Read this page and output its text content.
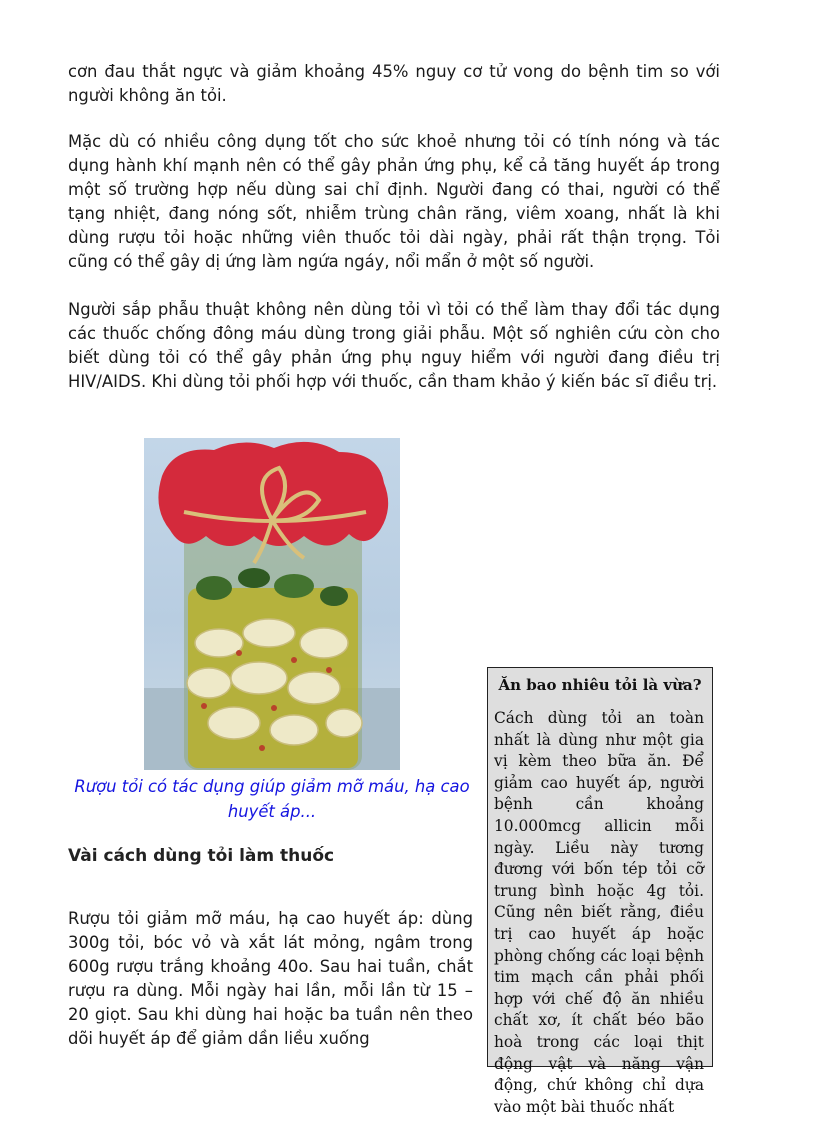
cơn đau thắt ngực và giảm khoảng 45% nguy cơ tử vong do bệnh tim so với người không ăn tỏi.

Mặc dù có nhiều công dụng tốt cho sức khoẻ nhưng tỏi có tính nóng và tác dụng hành khí mạnh nên có thể gây phản ứng phụ, kể cả tăng huyết áp trong một số trường hợp nếu dùng sai chỉ định. Người đang có thai, người có thể tạng nhiệt, đang nóng sốt, nhiễm trùng chân răng, viêm xoang, nhất là khi dùng rượu tỏi hoặc những viên thuốc tỏi dài ngày, phải rất thận trọng. Tỏi cũng có thể gây dị ứng làm ngứa ngáy, nổi mẩn ở một số người.

Người sắp phẫu thuật không nên dùng tỏi vì tỏi có thể làm thay đổi tác dụng các thuốc chống đông máu dùng trong giải phẫu. Một số nghiên cứu còn cho biết dùng tỏi có thể gây phản ứng phụ nguy hiểm với người đang điều trị HIV/AIDS. Khi dùng tỏi phối hợp với thuốc, cần tham khảo ý kiến bác sĩ điều trị.

Rượu tỏi có tác dụng giúp giảm mỡ máu, hạ cao huyết áp...

Vài cách dùng tỏi làm thuốc

Rượu tỏi giảm mỡ máu, hạ cao huyết áp: dùng 300g tỏi, bóc vỏ và xắt lát mỏng, ngâm trong 600g rượu trắng khoảng 40o. Sau hai tuần, chắt rượu ra dùng. Mỗi ngày hai lần, mỗi lần từ 15 – 20 giọt. Sau khi dùng hai hoặc ba tuần nên theo dõi huyết áp để giảm dần liều xuống

Ăn bao nhiêu tỏi là vừa?

Cách dùng tỏi an toàn nhất là dùng như một gia vị kèm theo bữa ăn. Để giảm cao huyết áp, người bệnh cần khoảng 10.000mcg allicin mỗi ngày. Liều này tương đương với bốn tép tỏi cỡ trung bình hoặc 4g tỏi. Cũng nên biết rằng, điều trị cao huyết áp hoặc phòng chống các loại bệnh tim mạch cần phải phối hợp với chế độ ăn nhiều chất xơ, ít chất béo bão hoà trong các loại thịt động vật và năng vận động, chứ không chỉ dựa vào một bài thuốc nhất
